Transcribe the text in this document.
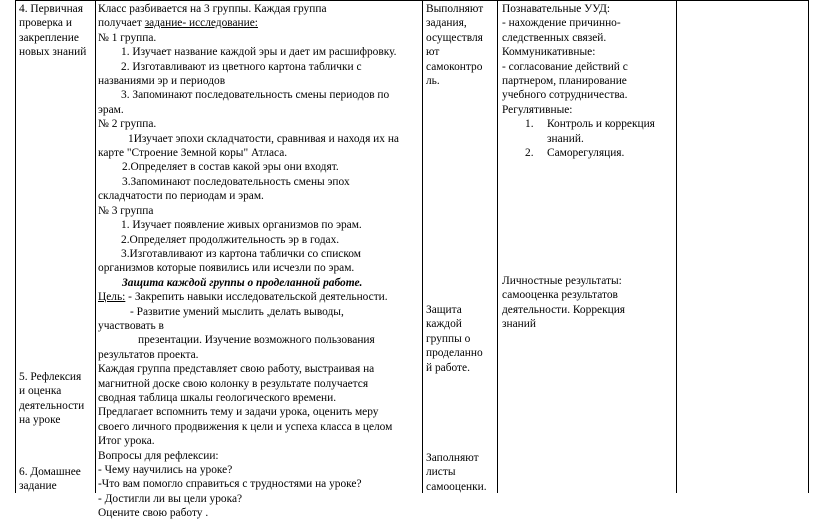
4. Первичная
проверка и
закрепление
новых знаний
5. Рефлексия
и оценка
деятельности
на уроке
6. Домашнее
задание
Класс разбивается на 3 группы. Каждая группа
получает задание- исследование:
№ 1 группа.
1. Изучает название каждой эры и дает им расшифровку.
2. Изготавливают из цветного картона таблички с
названиями эр и периодов
3. Запоминают последовательность смены периодов по
эрам.
№ 2 группа.
1Изучает эпохи складчатости, сравнивая и находя их на
карте "Строение Земной коры" Атласа.
2.Определяет в состав какой эры они входят.
3.Запоминают последовательность смены эпох
складчатости по периодам и эрам.
№ 3 группа
1. Изучает появление живых организмов по эрам.
2.Определяет продолжительность эр в годах.
3.Изготавливают из картона таблички со списком
организмов которые появились или исчезли по эрам.
Защита каждой группы о проделанной работе.
Цель: - Закрепить навыки исследовательской деятельности.
- Развитие умений мыслить ,делать выводы,
участвовать в
презентации. Изучение возможного пользования
результатов проекта.
Каждая группа представляет свою работу, выстраивая на
магнитной доске свою колонку в результате получается
сводная таблица шкалы геологического времени.
Предлагает вспомнить тему и задачи урока, оценить меру
своего личного продвижения к цели и успеха класса в целом
Итог урока.
Вопросы для рефлексии:
- Чему научились на уроке?
-Что вам помогло справиться с трудностями на уроке?
- Достигли ли вы цели урока?
Оцените свою работу .
Выполняют
задания,
осуществля
ют
самоконтро
ль.
Защита
каждой
группы о
проделанно
й работе.
Заполняют
листы
самооценки.
Познавательные УУД:
- нахождение причинно-
следственных связей.
Коммуникативные:
- согласование действий с
партнером, планирование
учебного сотрудничества.
Регулятивные:
1. Контроль и коррекция
знаний.
2. Саморегуляция.
Личностные результаты:
самооценка результатов
деятельности. Коррекция
знаний
